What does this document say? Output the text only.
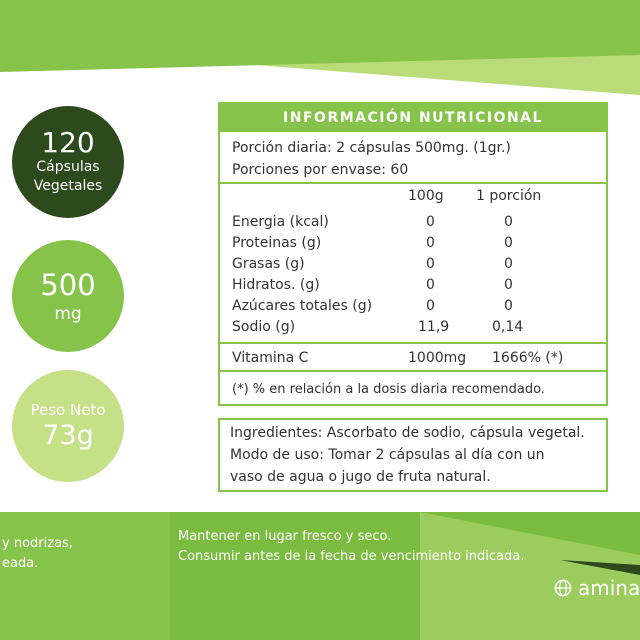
120
Cápsulas
Vegetales
500
mg
Peso Neto
73g
INFORMACIÓN NUTRICIONAL
Porción diaria: 2 cápsulas 500mg. (1gr.)
Porciones por envase: 60
100g 1 porción
Energia (kcal)	0	0
Proteinas (g)	0	0
Grasas (g)	0	0
Hidratos. (g)	0	0
Azúcares totales (g)	0	0
Sodio (g)	11,9	0,14
Vitamina C	1000mg 1666% (*)
(*) % en relación a la dosis diaria recomendado.
Ingredientes: Ascorbato de sodio, cápsula vegetal.
Modo de uso: Tomar 2 cápsulas al día con un
vaso de agua o jugo de fruta natural.
y nodrizas,
eada.
Mantener en lugar fresco y seco.
Consumir antes de la fecha de vencimiento indicada.
amina
